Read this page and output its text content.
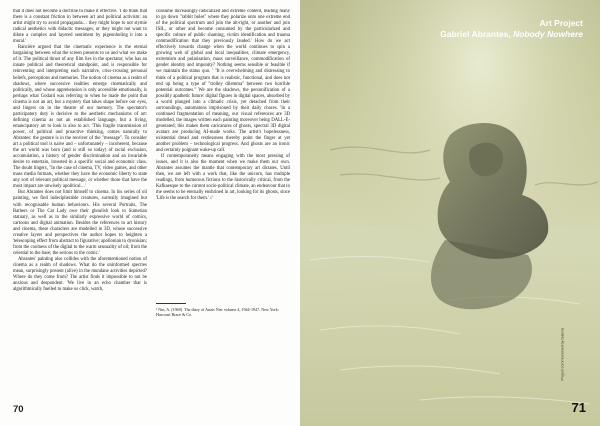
that it does not become a doctrine to make it effective. 'I do think that there is a constant friction in between art and political activism: an artist might try to avoid propaganda… they might hope to not stymie radical aesthetics with didactic messages, or they might not want to dilute a complex and layered sentiment by pigeonholing it into a moral.'

Rancière argued that the cinematic experience is the eternal bargaining between what the screen presents to us and what we make of it. The political thrust of any film lies in the spectator, who has an innate political and theoretical standpoint, and is responsible for reinventing and interpreting each narrative, criss-crossing personal beliefs, perceptions and memories. The notion of cinema as a realm of shadows, where successive realities emerge cinematically and politically, and whose apprehension is only accessible emotionally, is perhaps what Godard was referring to when he made the point that cinema is not an art, but a mystery that takes shape before our eyes, and lingers on in the theatre of our memory. The spectator's participatory duty is decisive to the aesthetic mechanisms of art: defining cinema as not an established language, but a living, emancipatory art to look is also to act. 'This fragile transmission of power, of political and proactive thinking, comes naturally to Abrantes: the gesture is in the receiver of the "message". To consider art a political tool is naive and – unfortunately – incoherent, because the art world was born (and is still so today) of racial exclusion, accumulation, a history of gender discrimination and an invariable desire to entertain, invested in a specific social and economic class. The doubt lingers, "In the case of cinema, TV, video games, and other mass media formats, whether they have the economic liberty to state any sort of relevant political message, or whether those that have the most impact are unwisely apolitical…'

But Abrantes does not limit himself to cinema. In his series of oil painting, we find indecipherable creatures, surreally imagined but with recognisable human behaviours. His several Portraits, The Bathers or The Cat Lady owe their ghoulish look to Sumerian statuary, as well as to the similarly expressive world of comics, cartoons and digital animation. Besides the references to art history and cinema, these characters are modelled in 3D, whose successive creative layers and perspectives the author hopes to heighten a 'telescoping effect from abstract to figurative; apollonian to dyonisian; from the coolness of the digital to the warm sensuality of oil; from the celestial to the base; the serious to the comic.'

Abrantes' painting also collides with the aforementioned notion of cinema as a realm of shadows. What do the uninformed spectres mean, surprisingly present (alive) in the mundane activities depicted? Where do they come from? The artist finds it impossible to not be anxious and despondent. 'We live in an echo chamber that is algorithmically fuelled to make us click, watch,

consume increasingly radicalized and extreme content, leading many to go down "rabbit holes" where they polarize onto one extreme end of the political spectrum and join the alt-right, or another and join ISIL, or other and become consumed by the particularized and specific culture of public shaming, victim identification and trauma commodification that they previously lauded.' How do we act effectively towards change when the world continues to spin a growing web of global and local inequalities, climate emergency, extremism and polarisation, mass surveillance, commodification of gender identity and impunity? Nothing seems sensible or feasible if we maintain the status quo. ' "It is overwhelming and distressing to think of a political program that is realistic, functional, and does not end up being a type of "trolley dilemma" between two horrible potential outcomes." We are the shadows, the personification of a possibly apathetic future: digital figures in digital spaces, absorbed by a world plunged into a climatic crisis, yet detached from their surroundings, automatons imprisoned by their daily chores. 'In a continued fragmentation of meaning, our visual references are 3D modelled, the images written each painting moreover being DALL-E-generated; this makes them caricatures of ghosts, spectral 3D digital avatars are producing AI-made works. The artist's hopelessness, existential dread and restlessness thereby point the finger at yet another problem – technological progress. And ghosts are an ironic and certainly poignant wake-up call.

If contemporaneity means engaging with the most pressing of issues, and it is also the moment when we make them our own. Abrantes assumes the mantle that contemporary art dictates. Until then, we are left with a work that, like the unicorn, has multiple readings, from humorous fictions to the historically critical, from the Kafkaesque to the current socio-political climate, an endeavour that to me seems to be eternally enshrined in art, looking for its ghosts, since 'Life is the search for them.' //

¹ Nin, A. (1969). The diary of Anaïs Nin: volume 4, 1944-1947. New York: Harcourt Brace & Co.

70
Art Project
Gabriel Abrantes, Nobody Nowhere
Project commissioned by Galeria
71
